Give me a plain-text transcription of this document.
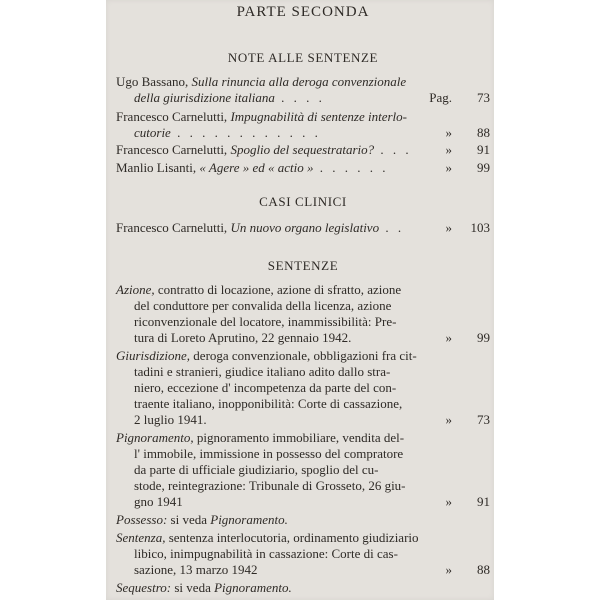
PARTE SECONDA
NOTE ALLE SENTENZE
Ugo Bassano, Sulla rinuncia alla deroga convenzionale
della giurisdizione italiana . . . .	Pag. 73
Francesco Carnelutti, Impugnabilità di sentenze interlo-
cutorie . . . . . . . . . . . .	» 88
Francesco Carnelutti, Spoglio del sequestratario? . . .	» 91
Manlio Lisanti, « Agere » ed « actio » . . . . . .	» 99
CASI CLINICI
Francesco Carnelutti, Un nuovo organo legislativo . .	» 103
SENTENZE
Azione, contratto di locazione, azione di sfratto, azione
del conduttore per convalida della licenza, azione
riconvenzionale del locatore, inammissibilità: Pre-
tura di Loreto Aprutino, 22 gennaio 1942.	» 99
Giurisdizione, deroga convenzionale, obbligazioni fra cit-
tadini e stranieri, giudice italiano adito dallo stra-
niero, eccezione d' incompetenza da parte del con-
traente italiano, inopponibilità: Corte di cassazione,
2 luglio 1941.	» 73
Pignoramento, pignoramento immobiliare, vendita del-
l' immobile, immissione in possesso del compratore
da parte di ufficiale giudiziario, spoglio del cu-
stode, reintegrazione: Tribunale di Grosseto, 26 giu-
gno 1941	» 91
Possesso: si veda Pignoramento.
Sentenza, sentenza interlocutoria, ordinamento giudiziario
libico, inimpugnabilità in cassazione: Corte di cas-
sazione, 13 marzo 1942	» 88
Sequestro: si veda Pignoramento.
